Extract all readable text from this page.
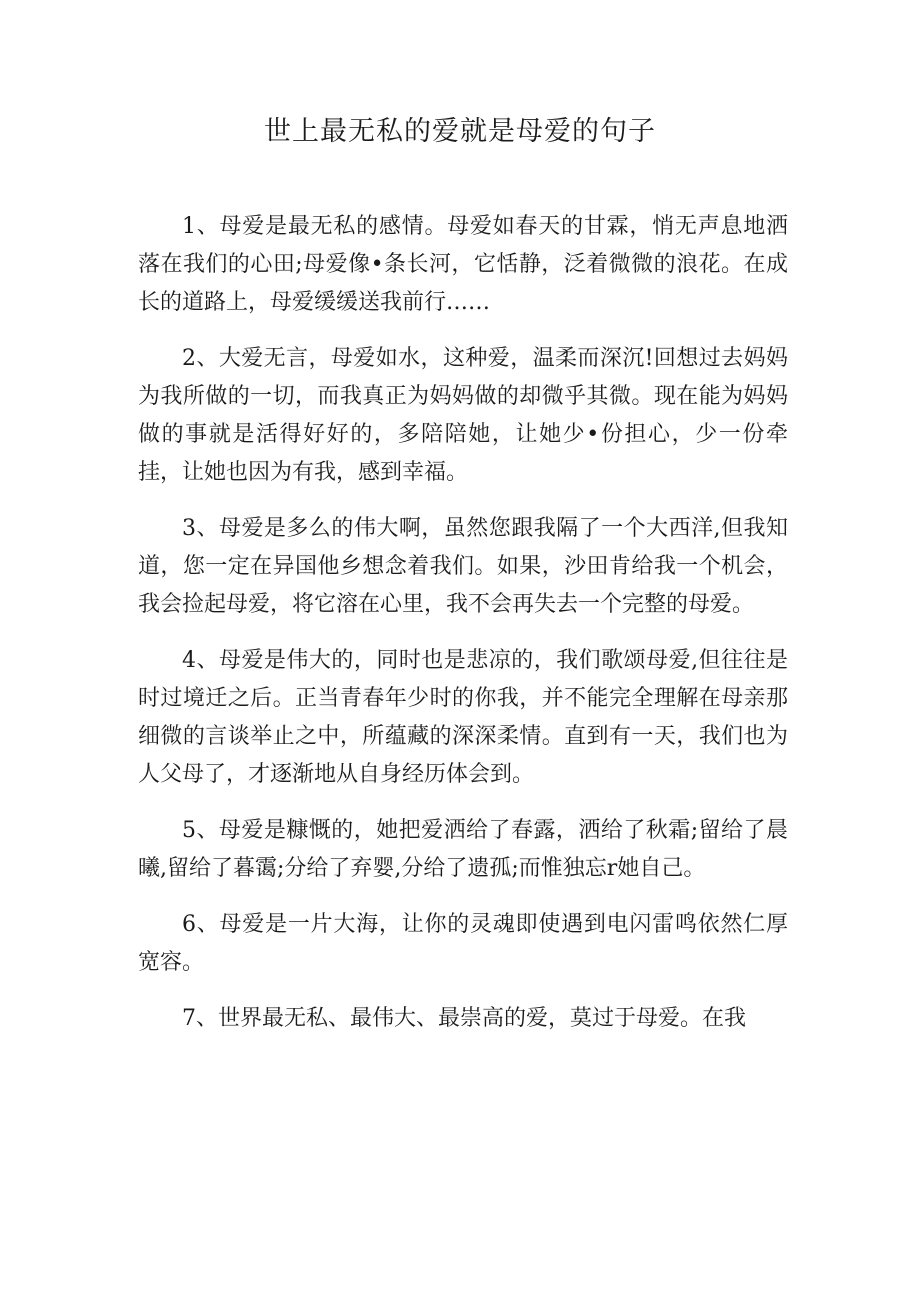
世上最无私的爱就是母爱的句子

1、母爱是最无私的感情。母爱如春天的甘霖，悄无声息地洒落在我们的心田;母爱像•条长河，它恬静，泛着微微的浪花。在成长的道路上，母爱缓缓送我前行……

2、大爱无言，母爱如水，这种爱，温柔而深沉!回想过去妈妈为我所做的一切，而我真正为妈妈做的却微乎其微。现在能为妈妈做的事就是活得好好的，多陪陪她，让她少•份担心，少一份牵挂，让她也因为有我，感到幸福。

3、母爱是多么的伟大啊，虽然您跟我隔了一个大西洋,但我知道，您一定在异国他乡想念着我们。如果，沙田肯给我一个机会，我会捡起母爱，将它溶在心里，我不会再失去一个完整的母爱。

4、母爱是伟大的，同时也是悲凉的，我们歌颂母爱,但往往是时过境迁之后。正当青春年少时的你我，并不能完全理解在母亲那细微的言谈举止之中，所蕴藏的深深柔情。直到有一天，我们也为人父母了，才逐渐地从自身经历体会到。

5、母爱是糠慨的，她把爱洒给了春露，洒给了秋霜;留给了晨曦,留给了暮霭;分给了弃婴,分给了遗孤;而惟独忘r她自己。

6、母爱是一片大海，让你的灵魂即使遇到电闪雷鸣依然仁厚宽容。

7、世界最无私、最伟大、最崇高的爱，莫过于母爱。在我
